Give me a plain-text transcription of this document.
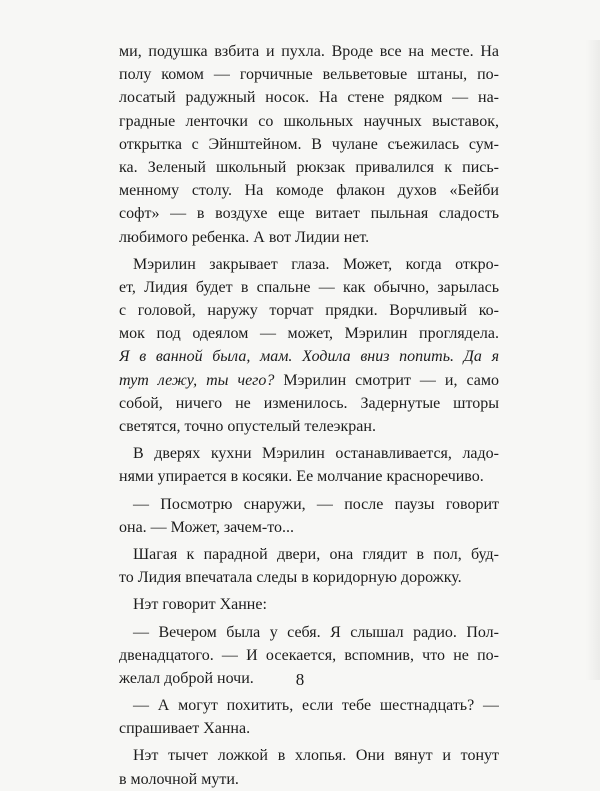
ми, подушка взбита и пухла. Вроде все на месте. На
полу комом — горчичные вельветовые штаны, по-
лосатый радужный носок. На стене рядком — на-
градные ленточки со школьных научных выставок,
открытка с Эйнштейном. В чулане съежилась сум-
ка. Зеленый школьный рюкзак привалился к пись-
менному столу. На комоде флакон духов «Бейби
софт» — в воздухе еще витает пыльная сладость
любимого ребенка. А вот Лидии нет.
Мэрилин закрывает глаза. Может, когда откро-
ет, Лидия будет в спальне — как обычно, зарылась
с головой, наружу торчат прядки. Ворчливый ко-
мок под одеялом — может, Мэрилин проглядела.
Я в ванной была, мам. Ходила вниз попить. Да я
тут лежу, ты чего? Мэрилин смотрит — и, само
собой, ничего не изменилось. Задернутые шторы
светятся, точно опустелый телеэкран.
В дверях кухни Мэрилин останавливается, ладо-
нями упирается в косяки. Ее молчание красноречиво.
— Посмотрю снаружи, — после паузы говорит
она. — Может, зачем-то...
Шагая к парадной двери, она глядит в пол, буд-
то Лидия впечатала следы в коридорную дорожку.
Нэт говорит Ханне:
— Вечером была у себя. Я слышал радио. Пол-
двенадцатого. — И осекается, вспомнив, что не по-
желал доброй ночи.
— А могут похитить, если тебе шестнадцать? —
спрашивает Ханна.
Нэт тычет ложкой в хлопья. Они вянут и тонут
в молочной мути.
8
